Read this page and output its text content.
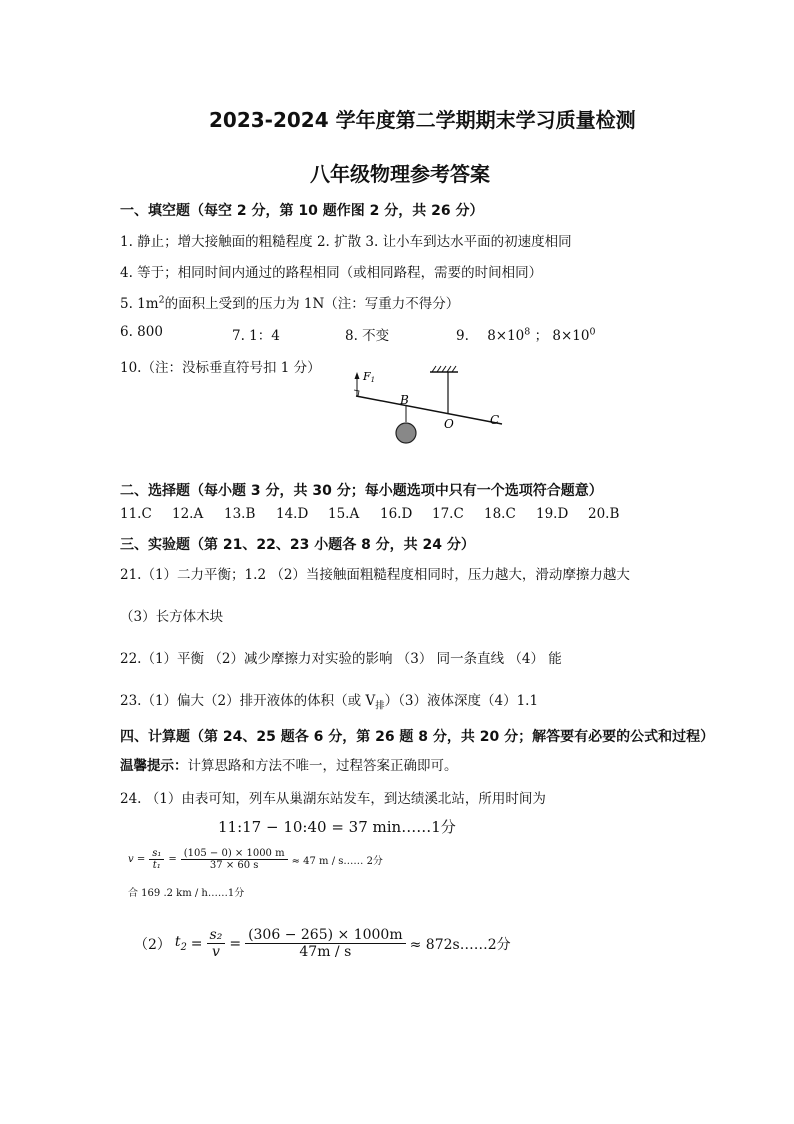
2023-2024 学年度第二学期期末学习质量检测
八年级物理参考答案
一、填空题（每空 2 分，第 10 题作图 2 分，共 26 分）
1. 静止；增大接触面的粗糙程度 2. 扩散 3. 让小车到达水平面的初速度相同
4. 等于；相同时间内通过的路程相同（或相同路程，需要的时间相同）
5. $1m^2$的面积上受到的压力为 1N（注：写重力不得分）
6. 800	7. 1：4	8. 不变	9. $8\times 10^8$ ； $8\times 10^0$
10.（注：没标垂直符号扣 1 分）
F1
B
O	C
二、选择题（每小题 3 分，共 30 分；每小题选项中只有一个选项符合题意）
11.C 12.A 13.B 14.D 15.A 16.D 17.C 18.C 19.D 20.B
三、实验题（第 21、22、23 小题各 8 分，共 24 分）
21.（1）二力平衡；1.2 （2）当接触面粗糙程度相同时，压力越大，滑动摩擦力越大
（3）长方体木块
22.（1）平衡 （2）减少摩擦力对实验的影响 （3） 同一条直线 （4） 能
23.（1）偏大（2）排开液体的体积（或 $V_排)(3)$液体深度（4）1.1
四、计算题（第 24、25 题各 6 分，第 26 题 8 分，共 20 分；解答要有必要的公式和过程）
温馨提示：计算思路和方法不唯一，过程答案正确即可。
24. （1）由表可知，列车从巢湖东站发车，到达绩溪北站，所用时间为
11:17 − 10:40 = 37 min……1分
$v = \frac{\text{s₁}}{\text{t₁}} = \frac{(105 - 0) \times 1000 m}{37 \times 60 s} \approx 47$ m / s…… 2分
合 169 .2 km / h……1分
（2） $t_2 = \frac{\text{s₂}}{v} = \frac{(306 - 265) \times 1000m}{47m / s}$ ≈ 872s……2分
